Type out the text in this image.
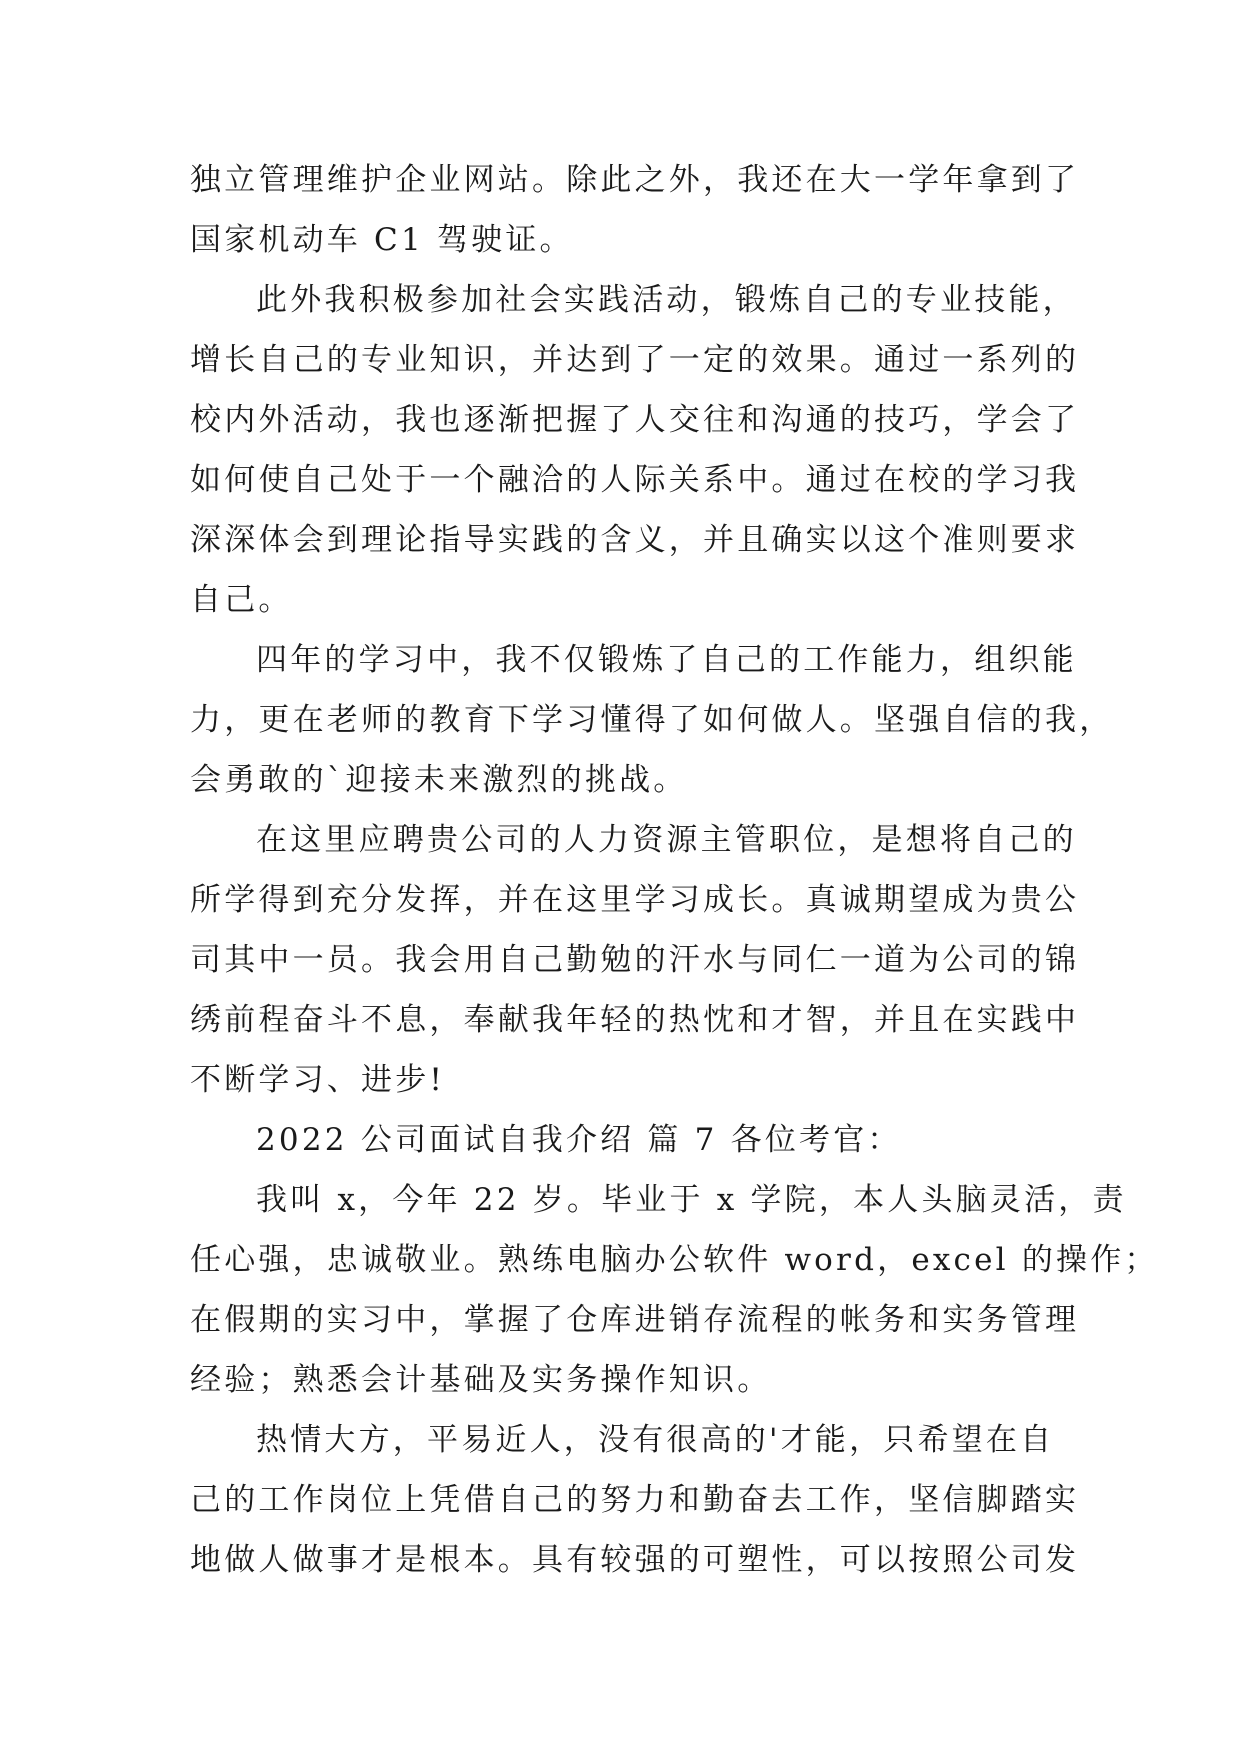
独立管理维护企业网站。除此之外，我还在大一学年拿到了
国家机动车 C1 驾驶证。
此外我积极参加社会实践活动，锻炼自己的专业技能，
增长自己的专业知识，并达到了一定的效果。通过一系列的
校内外活动，我也逐渐把握了人交往和沟通的技巧，学会了
如何使自己处于一个融洽的人际关系中。通过在校的学习我
深深体会到理论指导实践的含义，并且确实以这个准则要求
自己。
四年的学习中，我不仅锻炼了自己的工作能力，组织能
力，更在老师的教育下学习懂得了如何做人。坚强自信的我，
会勇敢的`迎接未来激烈的挑战。
在这里应聘贵公司的人力资源主管职位，是想将自己的
所学得到充分发挥，并在这里学习成长。真诚期望成为贵公
司其中一员。我会用自己勤勉的汗水与同仁一道为公司的锦
绣前程奋斗不息，奉献我年轻的热忱和才智，并且在实践中
不断学习、进步!
2022 公司面试自我介绍 篇 7 各位考官：
我叫 x，今年 22 岁。毕业于 x 学院，本人头脑灵活，责
任心强，忠诚敬业。熟练电脑办公软件 word，excel 的操作；
在假期的实习中，掌握了仓库进销存流程的帐务和实务管理
经验；熟悉会计基础及实务操作知识。
热情大方，平易近人，没有很高的'才能，只希望在自
己的工作岗位上凭借自己的努力和勤奋去工作，坚信脚踏实
地做人做事才是根本。具有较强的可塑性，可以按照公司发
